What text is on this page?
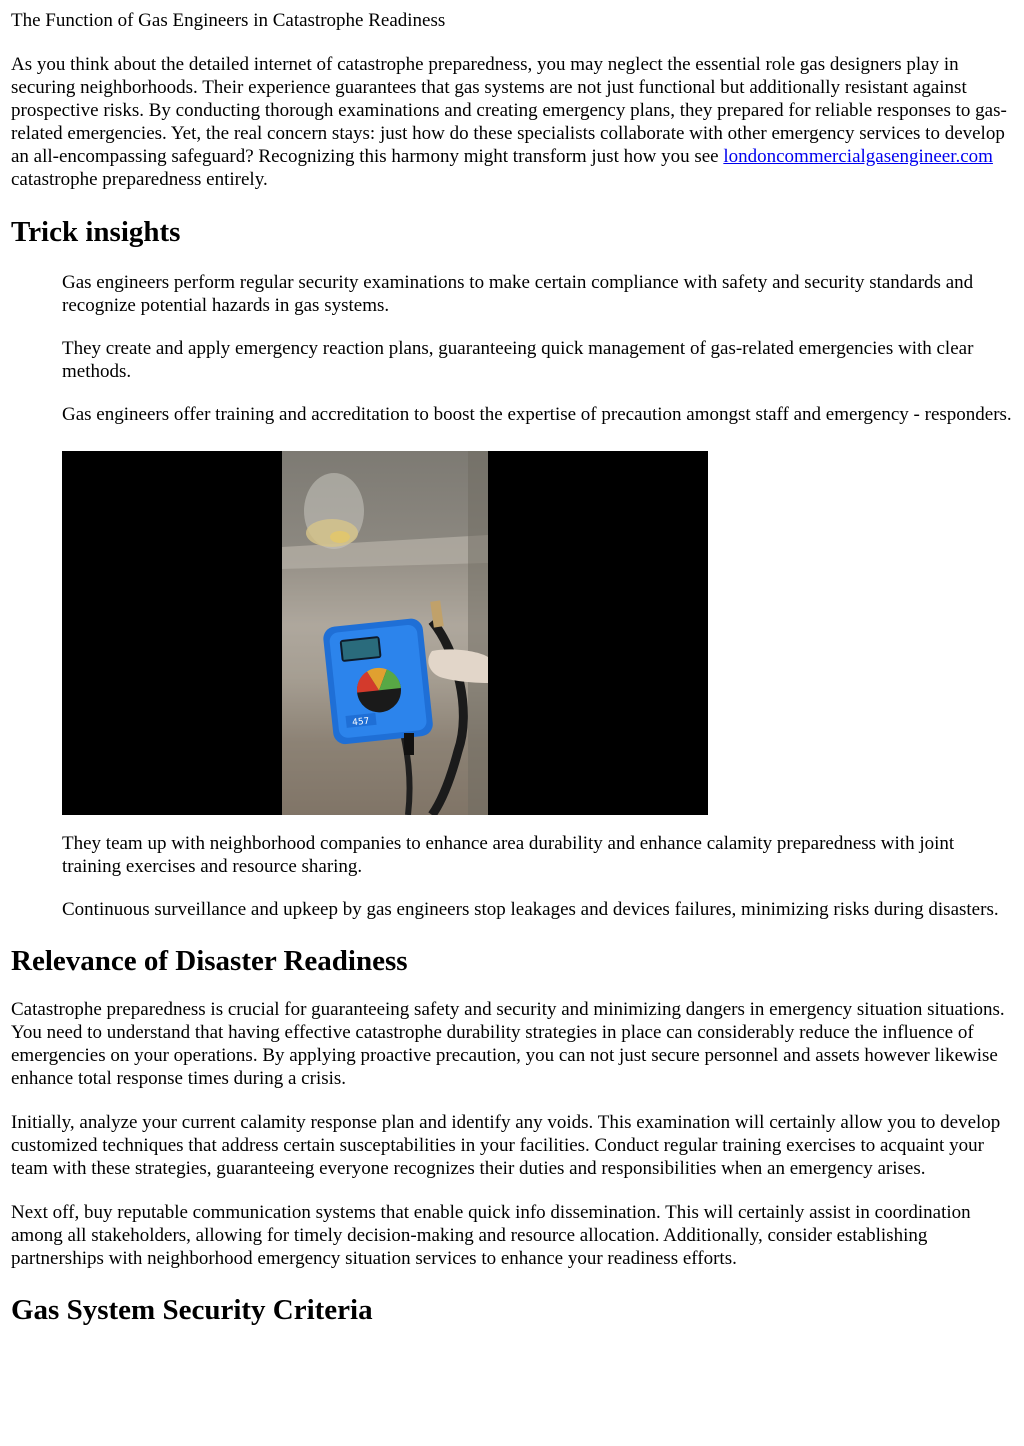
The Function of Gas Engineers in Catastrophe Readiness

As you think about the detailed internet of catastrophe preparedness, you may neglect the essential role gas designers play in securing neighborhoods. Their experience guarantees that gas systems are not just functional but additionally resistant against prospective risks. By conducting thorough examinations and creating emergency plans, they prepared for reliable responses to gas-related emergencies. Yet, the real concern stays: just how do these specialists collaborate with other emergency services to develop an all-encompassing safeguard? Recognizing this harmony might transform just how you see londoncommercialgasengineer.com catastrophe preparedness entirely.

Trick insights
Gas engineers perform regular security examinations to make certain compliance with safety and security standards and recognize potential hazards in gas systems.
They create and apply emergency reaction plans, guaranteeing quick management of gas-related emergencies with clear methods.
Gas engineers offer training and accreditation to boost the expertise of precaution amongst staff and emergency - responders.
457
They team up with neighborhood companies to enhance area durability and enhance calamity preparedness with joint training exercises and resource sharing.
Continuous surveillance and upkeep by gas engineers stop leakages and devices failures, minimizing risks during disasters.
Relevance of Disaster Readiness

Catastrophe preparedness is crucial for guaranteeing safety and security and minimizing dangers in emergency situation situations. You need to understand that having effective catastrophe durability strategies in place can considerably reduce the influence of emergencies on your operations. By applying proactive precaution, you can not just secure personnel and assets however likewise enhance total response times during a crisis.

Initially, analyze your current calamity response plan and identify any voids. This examination will certainly allow you to develop customized techniques that address certain susceptabilities in your facilities. Conduct regular training exercises to acquaint your team with these strategies, guaranteeing everyone recognizes their duties and responsibilities when an emergency arises.

Next off, buy reputable communication systems that enable quick info dissemination. This will certainly assist in coordination among all stakeholders, allowing for timely decision-making and resource allocation. Additionally, consider establishing partnerships with neighborhood emergency situation services to enhance your readiness efforts.

Gas System Security Criteria
